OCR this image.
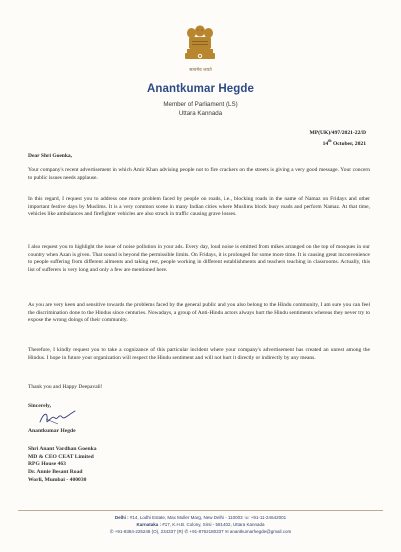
सत्यमेव जयते
Anantkumar Hegde
Member of Parliament (LS)
Uttara Kannada
MP(UK)/497/2021-22/D
14th October, 2021
Dear Shri Goenka,
Your company's recent advertisement in which Amir Khan advising people not to fire crackers on the streets is giving a very good message. Your concern to public issues needs applause.
In this regard, I request you to address one more problem faced by people on roads, i.e., blocking roads in the name of Namaz on Fridays and other important festive days by Muslims. It is a very common scene in many Indian cities where Muslims block busy roads and perform Namaz. At that time, vehicles like ambulances and firefighter vehicles are also struck in traffic causing grave losses.
I also request you to highlight the issue of noise pollution in your ads. Every day, loud noise is emitted from mikes arranged on the top of mosques in our country when Azan is given. That sound is beyond the permissible limits. On Fridays, it is prolonged for some more time. It is causing great inconvenience to people suffering from different ailments and taking rest, people working in different establishments and teachers teaching in classrooms. Actually, this list of sufferers is very long and only a few are mentioned here.
As you are very keen and sensitive towards the problems faced by the general public and you also belong to the Hindu community, I am sure you can feel the discrimination done to the Hindus since centuries. Nowadays, a group of Anti-Hindu actors always hurt the Hindu sentiments whereas they never try to expose the wrong doings of their community.
Therefore, I kindly request you to take a cognizance of this particular incident where your company's advertisement has created an unrest among the Hindus. I hope in future your organization will respect the Hindu sentiment and will not hurt it directly or indirectly by any means.
Thank you and Happy Deepavali!
Sincerely,
Anantkumar Hegde
Shri Anant Vardhan Goenka
MD & CEO CEAT Limited
RPG House 463
Dr. Annie Besant Road
Worli, Mumbai - 400030
Delhi : #14, Lodhi Estate, Max Muller Marg, New Delhi - 110003 ☏ +91-11-24642001
Karnataka : #17, K.H.B. Colony, Sirsi - 581402, Uttara Kannada
✆ +91-8384-225248 (O), 234337 (R) ✆ +91-8762180337 ✉ anantkumarhegde@gmail.com
